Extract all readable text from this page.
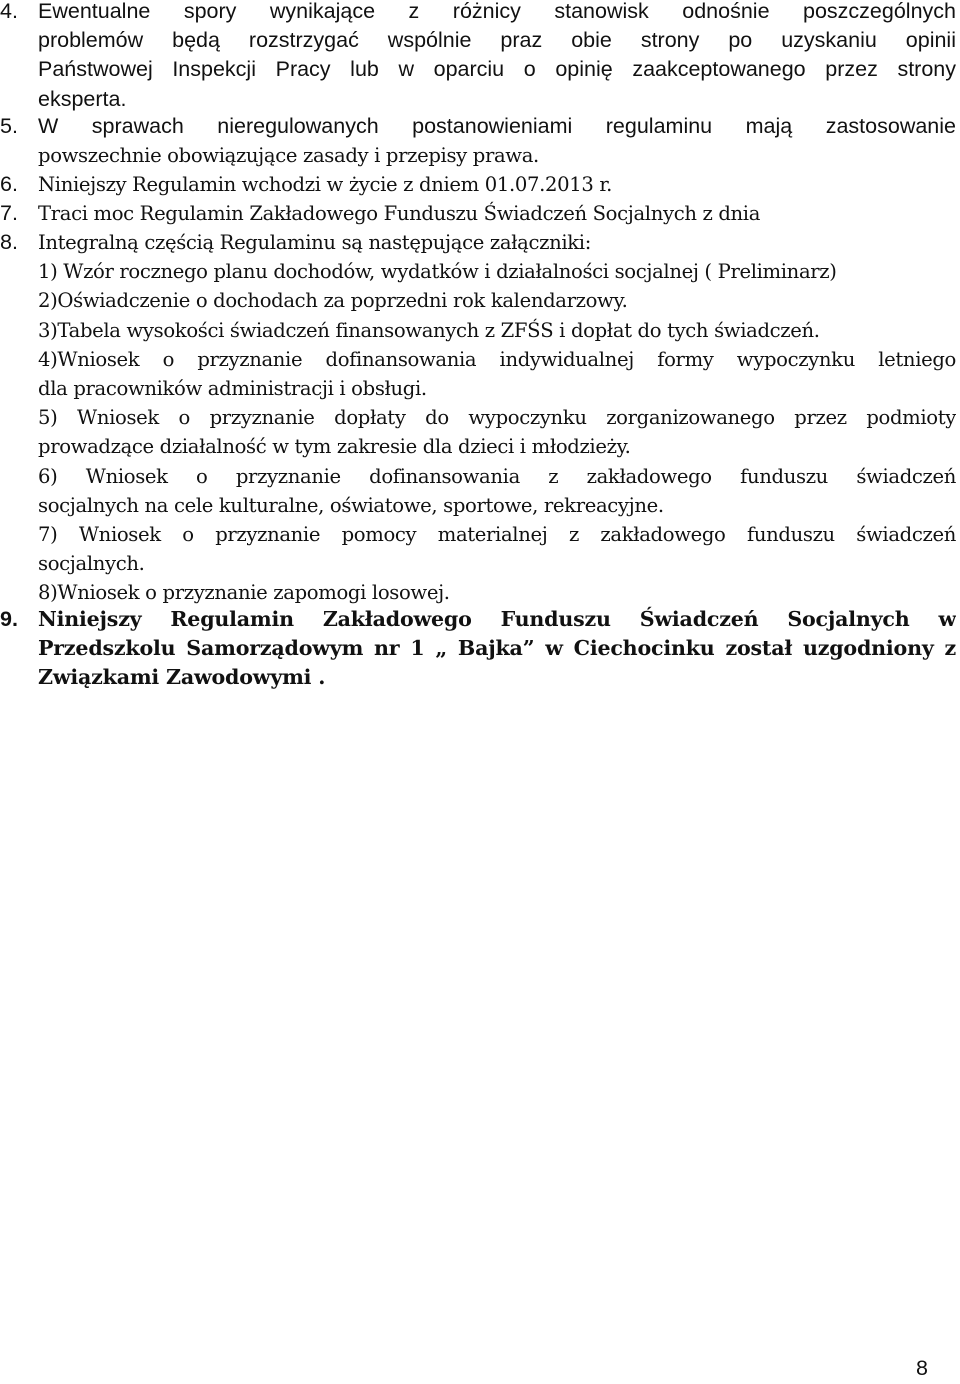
4. Ewentualne spory wynikające z różnicy stanowisk odnośnie poszczególnych
problemów będą rozstrzygać wspólnie praz obie strony po uzyskaniu opinii
Państwowej Inspekcji Pracy lub w oparciu o opinię zaakceptowanego przez strony
eksperta.
5. W sprawach nieregulowanych postanowieniami regulaminu mają zastosowanie
powszechnie obowiązujące zasady i przepisy prawa.
6.	Niniejszy Regulamin wchodzi w życie z dniem 01.07.2013 r.
7.	Traci moc Regulamin Zakładowego Funduszu Świadczeń Socjalnych z dnia
8.	Integralną częścią Regulaminu są następujące załączniki:
1) Wzór rocznego planu dochodów, wydatków i działalności socjalnej ( Preliminarz)
2)Oświadczenie o dochodach za poprzedni rok kalendarzowy.
3)Tabela wysokości świadczeń finansowanych z ZFŚS i dopłat do tych świadczeń.
4)Wniosek o przyznanie dofinansowania indywidualnej formy wypoczynku letniego
dla pracowników administracji i obsługi.
5) Wniosek o przyznanie dopłaty do wypoczynku zorganizowanego przez podmioty
prowadzące działalność w tym zakresie dla dzieci i młodzieży.
6) Wniosek o przyznanie dofinansowania z zakładowego funduszu świadczeń
socjalnych na cele kulturalne, oświatowe, sportowe, rekreacyjne.
7) Wniosek o przyznanie pomocy materialnej z zakładowego funduszu świadczeń
socjalnych.
8)Wniosek o przyznanie zapomogi losowej.
9. Niniejszy Regulamin Zakładowego Funduszu Świadczeń Socjalnych w
Przedszkolu Samorządowym nr 1 „ Bajka” w Ciechocinku został uzgodniony z
Związkami Zawodowymi .
8
